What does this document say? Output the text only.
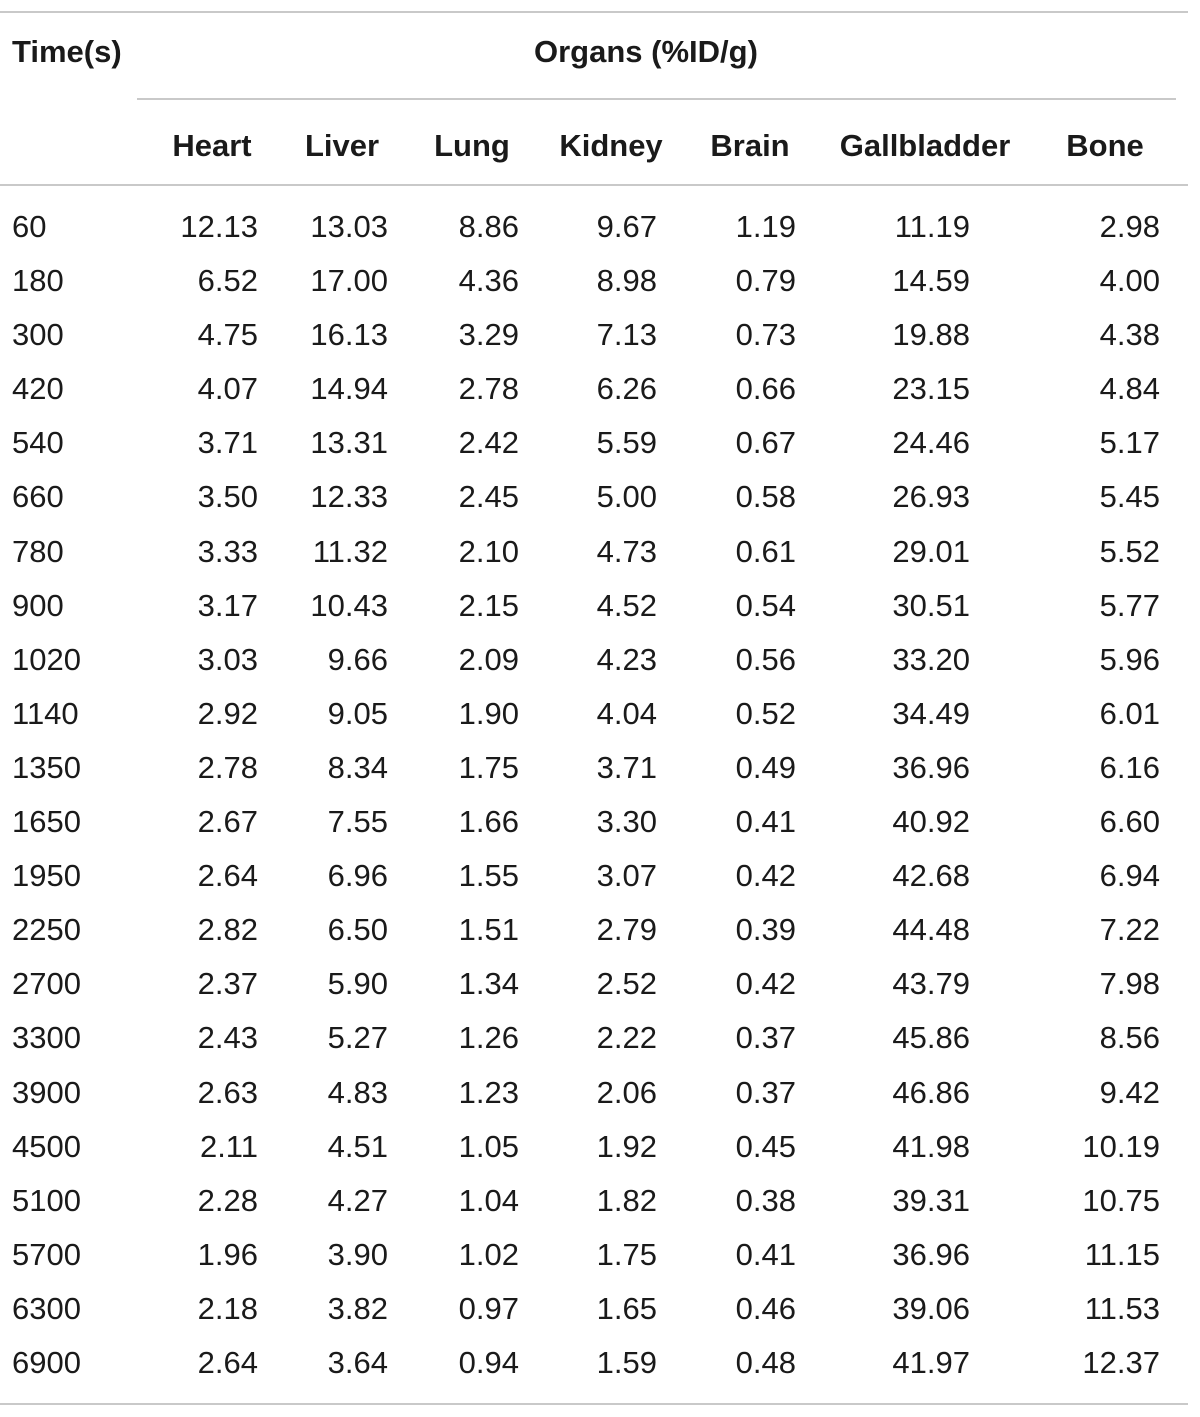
Time(s)	Organs (%ID/g)
Heart Liver Lung Kidney Brain Gallbladder Bone
60	12.13 13.03 8.86	9.67	1.19	11.19	2.98
180	6.52 17.00 4.36	8.98	0.79	14.59	4.00
300	4.75 16.13 3.29	7.13	0.73	19.88	4.38
420	4.07 14.94 2.78	6.26	0.66	23.15	4.84
540	3.71 13.31 2.42	5.59	0.67	24.46	5.17
660	3.50 12.33 2.45	5.00	0.58	26.93	5.45
780	3.33 11.32 2.10	4.73	0.61	29.01	5.52
900	3.17 10.43 2.15	4.52	0.54	30.51	5.77
1020	3.03 9.66 2.09	4.23	0.56	33.20	5.96
1140	2.92 9.05 1.90	4.04	0.52	34.49	6.01
1350	2.78 8.34 1.75	3.71	0.49	36.96	6.16
1650	2.67 7.55 1.66	3.30	0.41	40.92	6.60
1950	2.64 6.96 1.55	3.07	0.42	42.68	6.94
2250	2.82 6.50 1.51	2.79	0.39	44.48	7.22
2700	2.37 5.90 1.34	2.52	0.42	43.79	7.98
3300	2.43 5.27 1.26	2.22	0.37	45.86	8.56
3900	2.63 4.83 1.23	2.06	0.37	46.86	9.42
4500	2.11 4.51 1.05	1.92	0.45	41.98	10.19
5100	2.28 4.27 1.04	1.82	0.38	39.31	10.75
5700	1.96 3.90 1.02	1.75	0.41	36.96	11.15
6300	2.18 3.82 0.97	1.65	0.46	39.06	11.53
6900	2.64 3.64 0.94	1.59	0.48	41.97	12.37
